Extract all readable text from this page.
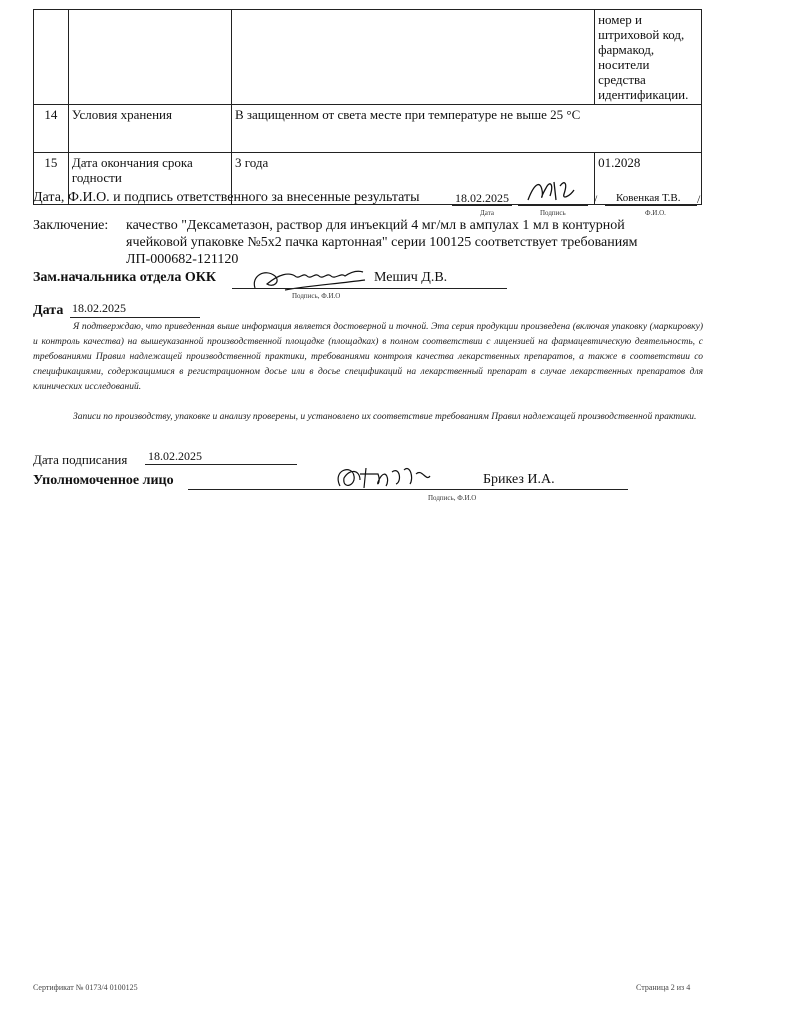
			номер и штриховой код, фармакод, носители средства идентификации.
14	Условия хранения	В защищенном от света месте при температуре не выше 25 °С	
15	Дата окончания срока годности	3 года	01.2028
Дата, Ф.И.О. и подпись ответственного за внесенные результаты	18.02.2025	/ Ковенкая Т.В. /
Дата	Подпись	Ф.И.О.
Заключение: качество "Дексаметазон, раствор для инъекций 4 мг/мл в ампулах 1 мл в контурной
ячейковой упаковке №5х2 пачка картонная" серии 100125 соответствует требованиям
ЛП-000682-121120
Зам.начальника отдела ОКК	Мешич Д.В.
Подпись, Ф.И.О
Дата 18.02.2025
Я подтверждаю, что приведенная выше информация является достоверной и точной. Эта серия продукции произведена (включая упаковку (маркировку) и контроль качества) на вышеуказанной производственной площадке (площадках) в полном соответствии с лицензией на фармацевтическую деятельность, с требованиями Правил надлежащей производственной практики, требованиями контроля качества лекарственных препаратов, а также в соответствии со спецификациями, содержащимися в регистрационном досье или в досье спецификаций на лекарственный препарат в случае лекарственных препаратов для клинических исследований.
Записи по производству, упаковке и анализу проверены, и установлено их соответствие требованиям Правил надлежащей производственной практики.
Дата подписания 18.02.2025
Уполномоченное лицо	Брикез И.А.
Подпись, Ф.И.О
Сертификат № 0173/4 0100125	Страница 2 из 4
